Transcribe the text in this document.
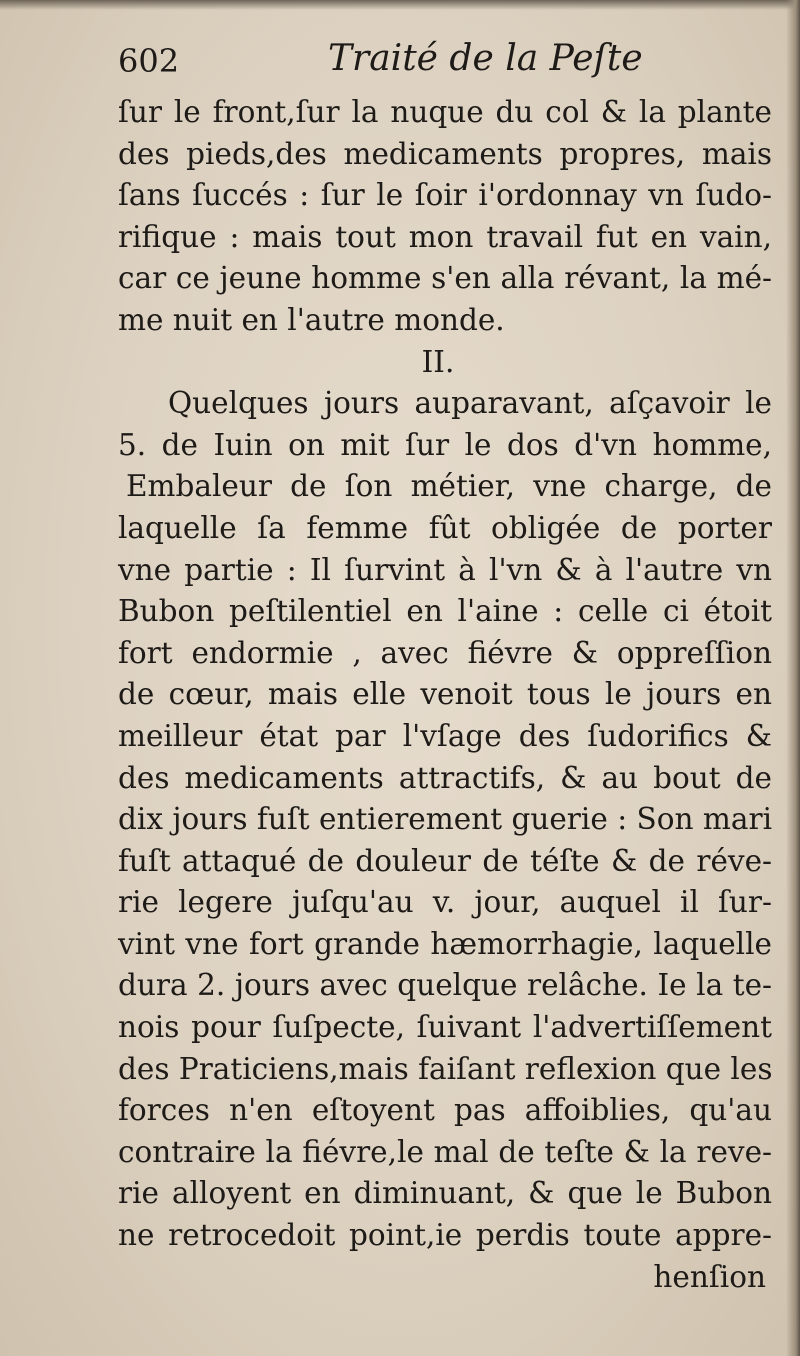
602	Traité de la Peſte
ſur le front,ſur la nuque du col & la plante
des pieds,des medicaments propres, mais
ſans ſuccés : ſur le ſoir i'ordonnay vn ſudo-
rifique : mais tout mon travail fut en vain,
car ce jeune homme s'en alla révant, la mé-
me nuit en l'autre monde.
II.
Quelques jours auparavant, aſçavoir le
5. de Iuin on mit ſur le dos d'vn homme,
Embaleur de ſon métier, vne charge, de
laquelle ſa femme fût obligée de porter
vne partie : Il ſurvint à l'vn & à l'autre vn
Bubon peſtilentiel en l'aine : celle ci étoit
fort endormie , avec fiévre & oppreſſion
de cœur, mais elle venoit tous le jours en
meilleur état par l'vſage des ſudorifics &
des medicaments attractifs, & au bout de
dix jours fuſt entierement guerie : Son mari
fuſt attaqué de douleur de téſte & de réve-
rie legere juſqu'au v. jour, auquel il ſur-
vint vne fort grande hæmorrhagie, laquelle
dura 2. jours avec quelque relâche. Ie la te-
nois pour ſuſpecte, ſuivant l'advertiſſement
des Praticiens,mais faiſant reflexion que les
forces n'en eſtoyent pas affoiblies, qu'au
contraire la fiévre,le mal de teſte & la reve-
rie alloyent en diminuant, & que le Bubon
ne retrocedoit point,ie perdis toute appre-
henſion
